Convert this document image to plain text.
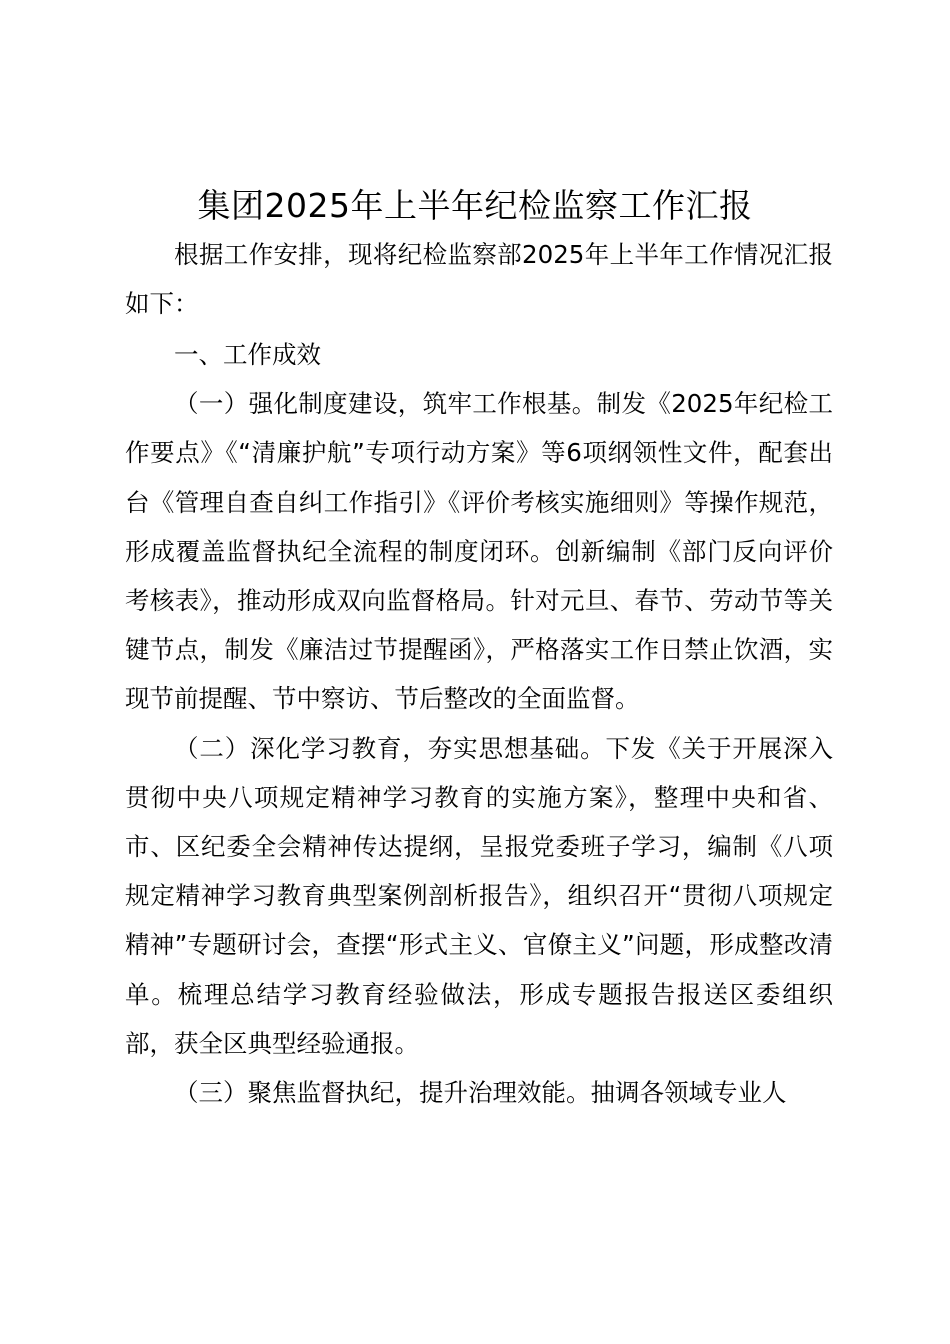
集团2025年上半年纪检监察工作汇报

根据工作安排，现将纪检监察部2025年上半年工作情况汇报如下：

一、工作成效

（一）强化制度建设，筑牢工作根基。制发《2025年纪检工作要点》《“清廉护航”专项行动方案》等6项纲领性文件，配套出台《管理自查自纠工作指引》《评价考核实施细则》等操作规范，形成覆盖监督执纪全流程的制度闭环。创新编制《部门反向评价考核表》，推动形成双向监督格局。针对元旦、春节、劳动节等关键节点，制发《廉洁过节提醒函》，严格落实工作日禁止饮酒，实现节前提醒、节中察访、节后整改的全面监督。

（二）深化学习教育，夯实思想基础。下发《关于开展深入贯彻中央八项规定精神学习教育的实施方案》，整理中央和省、市、区纪委全会精神传达提纲，呈报党委班子学习，编制《八项规定精神学习教育典型案例剖析报告》，组织召开“贯彻八项规定精神”专题研讨会，查摆“形式主义、官僚主义”问题，形成整改清单。梳理总结学习教育经验做法，形成专题报告报送区委组织部，获全区典型经验通报。

（三）聚焦监督执纪，提升治理效能。抽调各领域专业人
